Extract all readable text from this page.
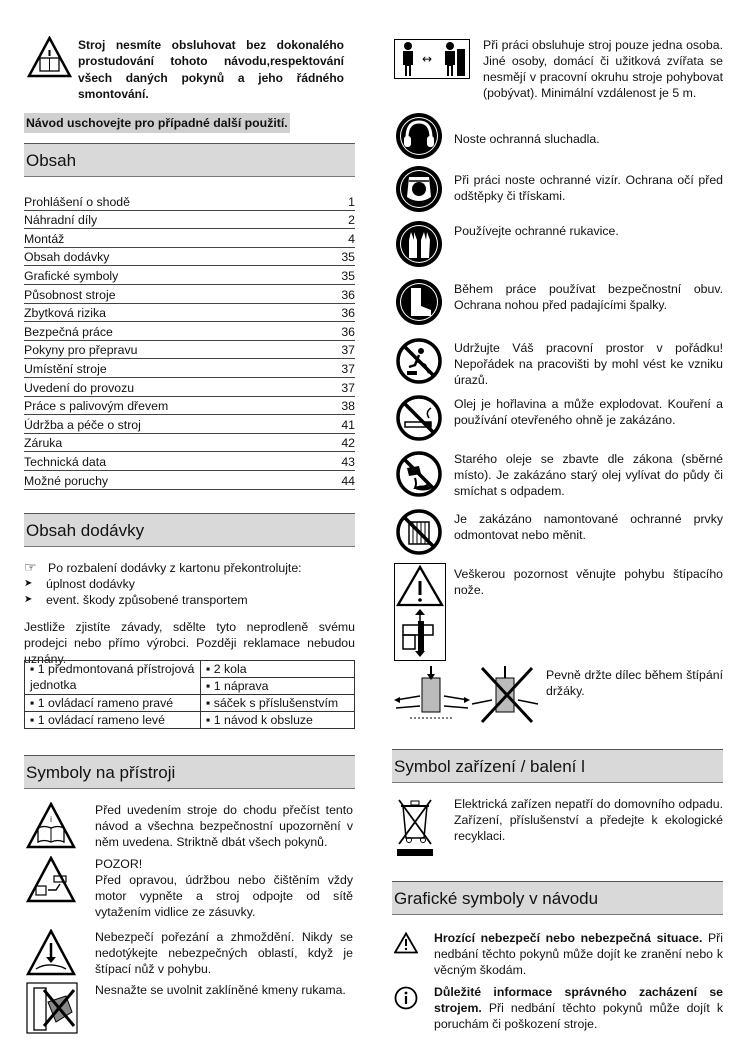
Stroj nesmíte obsluhovat bez dokonalého prostudování tohoto návodu,respektování všech daných pokynů a jeho řádného smontování.
Návod uschovejte pro případné další použití.
Obsah
Prohlášení o shodě	1
Náhradní díly	2
Montáž	4
Obsah dodávky	35
Grafické symboly	35
Působnost stroje	36
Zbytková rizika	36
Bezpečná práce	36
Pokyny pro přepravu	37
Umístění stroje	37
Uvedení do provozu	37
Práce s palivovým dřevem	38
Údržba a péče o stroj	41
Záruka	42
Technická data	43
Možné poruchy	44
Obsah dodávky
☞ Po rozbalení dodávky z kartonu překontrolujte:
➤	úplnost dodávky
➤	event. škody způsobené transportem
Jestliže zjistíte závady, sdělte tyto neprodleně svému prodejci nebo přímo výrobci. Později reklamace nebudou uznány.
▪ 1 předmontovaná přístrojová jednotka	▪ 2 kola
	▪ 1 náprava
▪ 1 ovládací rameno pravé	▪ sáček s příslušenstvím
▪ 1 ovládací rameno levé	▪ 1 návod k obsluze
Symboly na přístroji
i
Před uvedením stroje do chodu přečíst tento návod a všechna bezpečnostní upozornění v něm uvedena. Striktně dbát všech pokynů.
POZOR!
Před opravou, údržbou nebo čištěním vždy motor vypněte a stroj odpojte od sítě vytažením vidlice ze zásuvky.
Nebezpečí pořezání a zhmoždění. Nikdy se nedotýkejte nebezpečných oblastí, když je štípací nůž v pohybu.
Nesnažte se uvolnit zaklíněné kmeny rukama.
↔
Při práci obsluhuje stroj pouze jedna osoba. Jiné osoby, domácí či užitková zvířata se nesmějí v pracovní okruhu stroje pohybovat (pobývat). Minimální vzdálenost je 5 m.
Noste ochranná sluchadla.
Při práci noste ochranné vizír. Ochrana očí před odštěpky či třískami.
Používejte ochranné rukavice.
Během práce používat bezpečnostní obuv. Ochrana nohou před padajícími špalky.
Udržujte Váš pracovní prostor v pořádku! Nepořádek na pracovišti by mohl vést ke vzniku úrazů.
Olej je hořlavina a může explodovat. Kouření a používání otevřeného ohně je zakázáno.
Starého oleje se zbavte dle zákona (sběrné místo). Je zakázáno starý olej vylívat do půdy či smíchat s odpadem.
Je zakázáno namontované ochranné prvky odmontovat nebo měnit.
Veškerou pozornost věnujte pohybu štípacího nože.
Pevně držte dílec během štípání držáky.
Symbol zařízení / balení l
Elektrická zařízen nepatří do domovního odpadu. Zařízení, příslušenství a předejte k ekologické recyklaci.
Grafické symboly v návodu
Hrozící nebezpečí nebo nebezpečná situace. Při nedbání těchto pokynů může dojít ke zranění nebo k věcným škodám.
Důležité informace správného zacházení se strojem. Při nedbání těchto pokynů může dojít k poruchám či poškození stroje.
